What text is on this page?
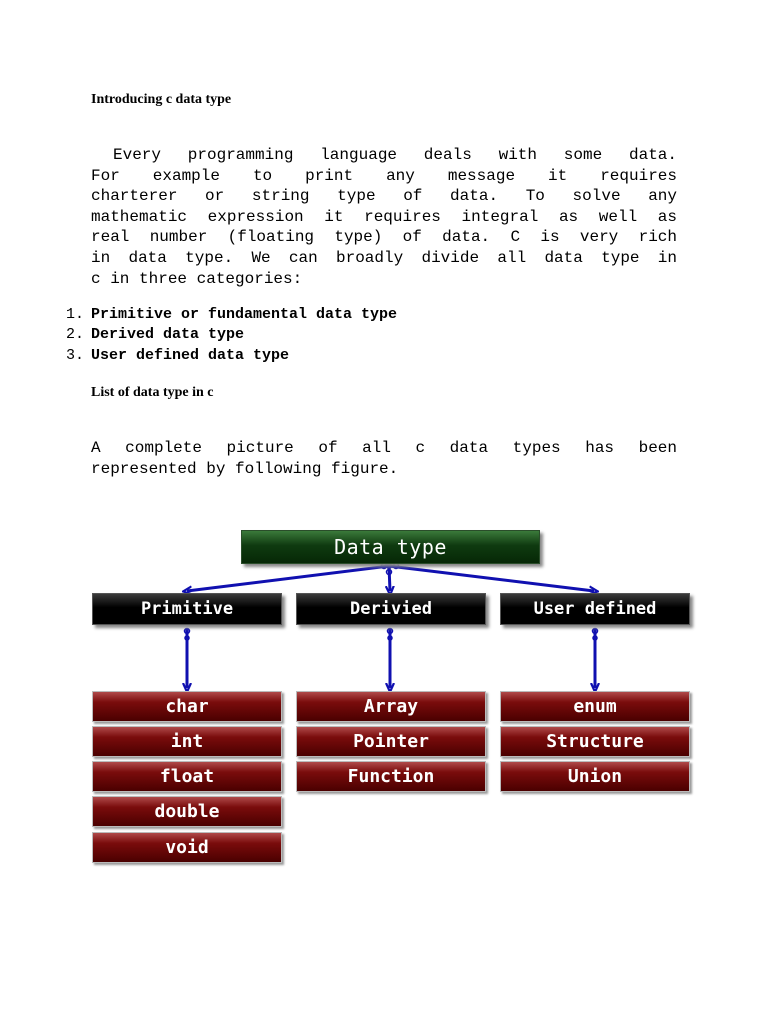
Introducing c data type
Every programming language deals with some data.
For example to print any message it requires
charterer or string type of data. To solve any
mathematic expression it requires integral as well as
real number (floating type) of data. C is very rich
in data type. We can broadly divide all data type in
c in three categories:
1. Primitive or fundamental data type
2. Derived data type
3. User defined data type
List of data type in c
A complete picture of all c data types has been
represented by following figure.
Data type
Primitive	Derivied	User defined
char
int
float
double
void
Array
Pointer
Function
enum
Structure
Union
